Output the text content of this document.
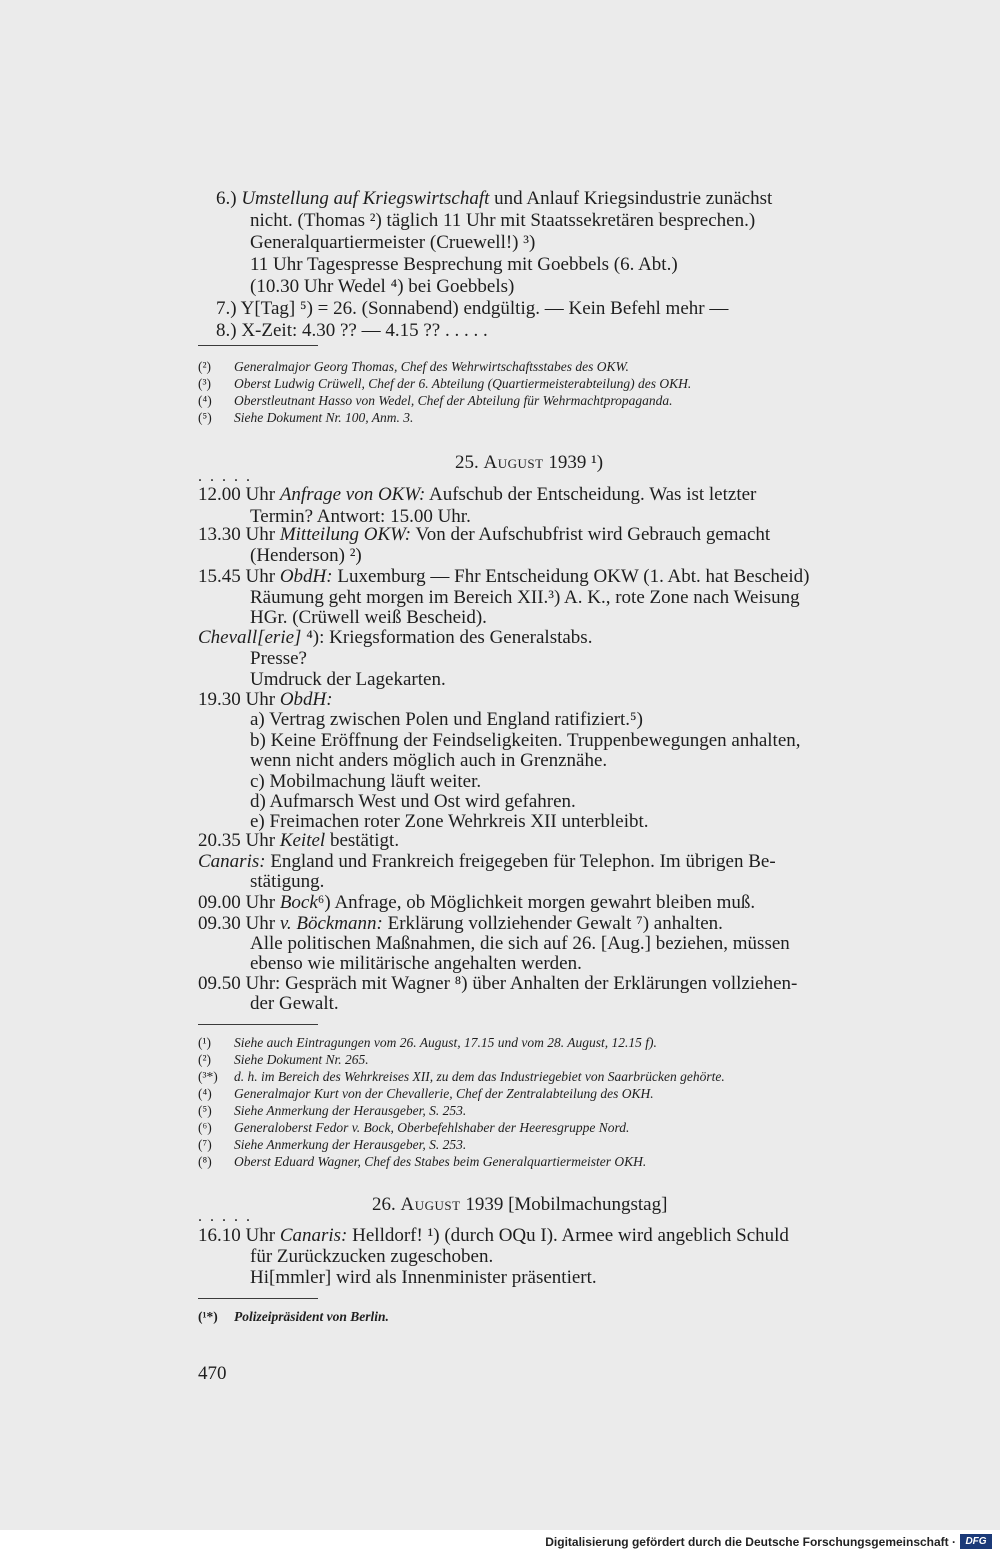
6.) Umstellung auf Kriegswirtschaft und Anlauf Kriegsindustrie zunächst
nicht. (Thomas ²) täglich 11 Uhr mit Staatssekretären besprechen.)
Generalquartiermeister (Cruewell!) ³)
11 Uhr Tagespresse Besprechung mit Goebbels (6. Abt.)
(10.30 Uhr Wedel ⁴) bei Goebbels)
7.) Y[Tag] ⁵) = 26. (Sonnabend) endgültig. — Kein Befehl mehr —
8.) X-Zeit: 4.30 ?? — 4.15 ?? . . . . .
(²) Generalmajor Georg Thomas, Chef des Wehrwirtschaftsstabes des OKW.
(³) Oberst Ludwig Crüwell, Chef der 6. Abteilung (Quartiermeisterabteilung) des OKH.
(⁴) Oberstleutnant Hasso von Wedel, Chef der Abteilung für Wehrmachtpropaganda.
(⁵) Siehe Dokument Nr. 100, Anm. 3.
25. August 1939 ¹)
. . . . .
12.00 Uhr Anfrage von OKW: Aufschub der Entscheidung. Was ist letzter
Termin? Antwort: 15.00 Uhr.
13.30 Uhr Mitteilung OKW: Von der Aufschubfrist wird Gebrauch gemacht
(Henderson) ²)
15.45 Uhr ObdH: Luxemburg — Fhr Entscheidung OKW (1. Abt. hat Bescheid)
Räumung geht morgen im Bereich XII.³) A. K., rote Zone nach Weisung
HGr. (Crüwell weiß Bescheid).
Chevall[erie] ⁴): Kriegsformation des Generalstabs.
Presse?
Umdruck der Lagekarten.
19.30 Uhr ObdH:
a) Vertrag zwischen Polen und England ratifiziert.⁵)
b) Keine Eröffnung der Feindseligkeiten. Truppenbewegungen anhalten,
wenn nicht anders möglich auch in Grenznähe.
c) Mobilmachung läuft weiter.
d) Aufmarsch West und Ost wird gefahren.
e) Freimachen roter Zone Wehrkreis XII unterbleibt.
20.35 Uhr Keitel bestätigt.
Canaris: England und Frankreich freigegeben für Telephon. Im übrigen Be-
stätigung.
09.00 Uhr Bock⁶) Anfrage, ob Möglichkeit morgen gewahrt bleiben muß.
09.30 Uhr v. Böckmann: Erklärung vollziehender Gewalt ⁷) anhalten.
Alle politischen Maßnahmen, die sich auf 26. [Aug.] beziehen, müssen
ebenso wie militärische angehalten werden.
09.50 Uhr: Gespräch mit Wagner ⁸) über Anhalten der Erklärungen vollziehen-
der Gewalt.
(¹) Siehe auch Eintragungen vom 26. August, 17.15 und vom 28. August, 12.15 f).
(²) Siehe Dokument Nr. 265.
(³*) d. h. im Bereich des Wehrkreises XII, zu dem das Industriegebiet von Saarbrücken gehörte.
(⁴) Generalmajor Kurt von der Chevallerie, Chef der Zentralabteilung des OKH.
(⁵) Siehe Anmerkung der Herausgeber, S. 253.
(⁶) Generaloberst Fedor v. Bock, Oberbefehlshaber der Heeresgruppe Nord.
(⁷) Siehe Anmerkung der Herausgeber, S. 253.
(⁸) Oberst Eduard Wagner, Chef des Stabes beim Generalquartiermeister OKH.
26. August 1939 [Mobilmachungstag]
. . . . .
16.10 Uhr Canaris: Helldorf! ¹) (durch OQu I). Armee wird angeblich Schuld
für Zurückzucken zugeschoben.
Hi[mmler] wird als Innenminister präsentiert.
(¹*) Polizeipräsident von Berlin.
470
Digitalisierung gefördert durch die Deutsche Forschungsgemeinschaft · DFG
